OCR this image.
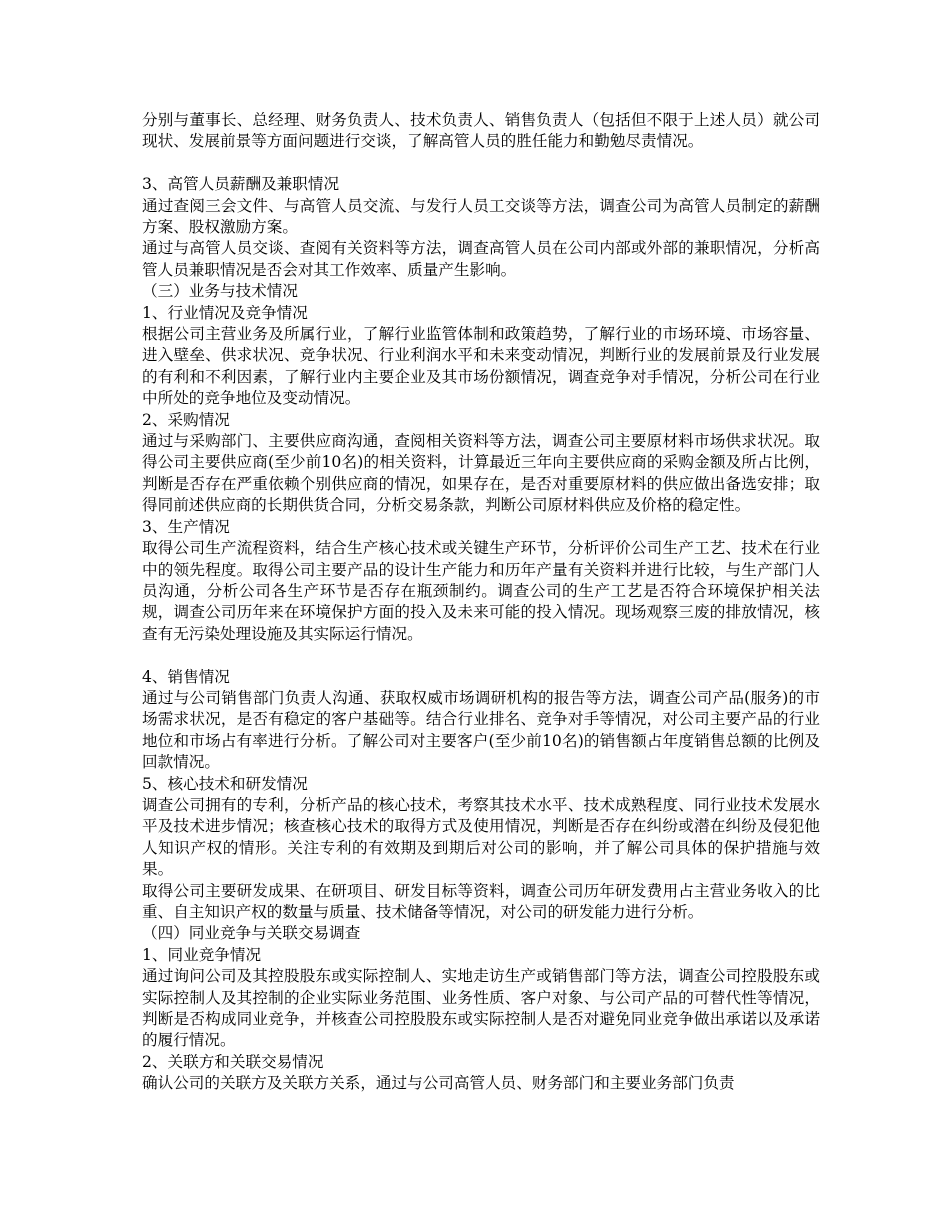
分别与董事长、总经理、财务负责人、技术负责人、销售负责人（包括但不限于上述人员）就公司现状、发展前景等方面问题进行交谈，了解高管人员的胜任能力和勤勉尽责情况。

3、高管人员薪酬及兼职情况

通过查阅三会文件、与高管人员交流、与发行人员工交谈等方法，调查公司为高管人员制定的薪酬方案、股权激励方案。

通过与高管人员交谈、查阅有关资料等方法，调查高管人员在公司内部或外部的兼职情况，分析高管人员兼职情况是否会对其工作效率、质量产生影响。

（三）业务与技术情况

1、行业情况及竞争情况

根据公司主营业务及所属行业，了解行业监管体制和政策趋势，了解行业的市场环境、市场容量、进入壁垒、供求状况、竞争状况、行业利润水平和未来变动情况，判断行业的发展前景及行业发展的有利和不利因素，了解行业内主要企业及其市场份额情况，调查竞争对手情况，分析公司在行业中所处的竞争地位及变动情况。

2、采购情况

通过与采购部门、主要供应商沟通，查阅相关资料等方法，调查公司主要原材料市场供求状况。取得公司主要供应商(至少前10名)的相关资料，计算最近三年向主要供应商的采购金额及所占比例，判断是否存在严重依赖个别供应商的情况，如果存在，是否对重要原材料的供应做出备选安排；取得同前述供应商的长期供货合同，分析交易条款，判断公司原材料供应及价格的稳定性。

3、生产情况

取得公司生产流程资料，结合生产核心技术或关键生产环节，分析评价公司生产工艺、技术在行业中的领先程度。取得公司主要产品的设计生产能力和历年产量有关资料并进行比较，与生产部门人员沟通，分析公司各生产环节是否存在瓶颈制约。调查公司的生产工艺是否符合环境保护相关法规，调查公司历年来在环境保护方面的投入及未来可能的投入情况。现场观察三废的排放情况，核查有无污染处理设施及其实际运行情况。

4、销售情况

通过与公司销售部门负责人沟通、获取权威市场调研机构的报告等方法，调查公司产品(服务)的市场需求状况，是否有稳定的客户基础等。结合行业排名、竞争对手等情况，对公司主要产品的行业地位和市场占有率进行分析。了解公司对主要客户(至少前10名)的销售额占年度销售总额的比例及回款情况。

5、核心技术和研发情况

调查公司拥有的专利，分析产品的核心技术，考察其技术水平、技术成熟程度、同行业技术发展水平及技术进步情况；核查核心技术的取得方式及使用情况，判断是否存在纠纷或潜在纠纷及侵犯他人知识产权的情形。关注专利的有效期及到期后对公司的影响，并了解公司具体的保护措施与效果。

取得公司主要研发成果、在研项目、研发目标等资料，调查公司历年研发费用占主营业务收入的比重、自主知识产权的数量与质量、技术储备等情况，对公司的研发能力进行分析。

（四）同业竞争与关联交易调查

1、同业竞争情况

通过询问公司及其控股股东或实际控制人、实地走访生产或销售部门等方法，调查公司控股股东或实际控制人及其控制的企业实际业务范围、业务性质、客户对象、与公司产品的可替代性等情况，判断是否构成同业竞争，并核查公司控股股东或实际控制人是否对避免同业竞争做出承诺以及承诺的履行情况。

2、关联方和关联交易情况

确认公司的关联方及关联方关系，通过与公司高管人员、财务部门和主要业务部门负责
